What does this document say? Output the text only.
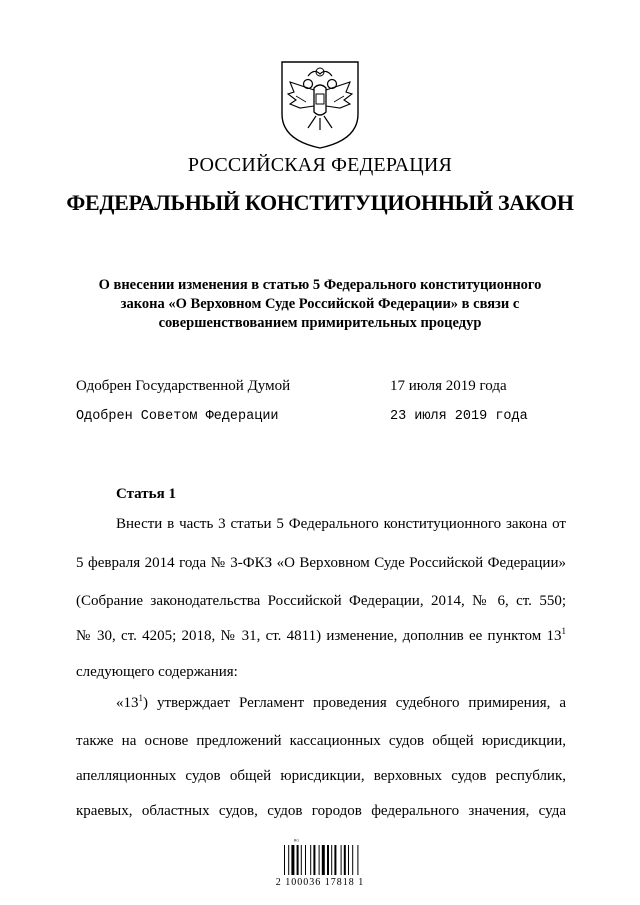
РОССИЙСКАЯ ФЕДЕРАЦИЯ
ФЕДЕРАЛЬНЫЙ КОНСТИТУЦИОННЫЙ ЗАКОН
О внесении изменения в статью 5 Федерального конституционного
закона «О Верховном Суде Российской Федерации» в связи с
совершенствованием примирительных процедур
Одобрен Государственной Думой	17 июля 2019 года
Одобрен Советом Федерации	23 июля 2019 года
Статья 1
Внести в часть 3 статьи 5 Федерального конституционного закона от
5 февраля 2014 года № 3-ФКЗ «О Верховном Суде Российской Федерации»
(Собрание законодательства Российской Федерации, 2014, № 6, ст. 550;
№ 30, ст. 4205; 2018, № 31, ст. 4811) изменение, дополнив ее пунктом $13^1$
следующего содержания:
«$13^1$) утверждает Регламент проведения судебного примирения, а
также на основе предложений кассационных судов общей юрисдикции,
апелляционных судов общей юрисдикции, верховных судов республик,
краевых, областных судов, судов городов федерального значения, суда
ᴿᴳ
2 100036 17818 1
